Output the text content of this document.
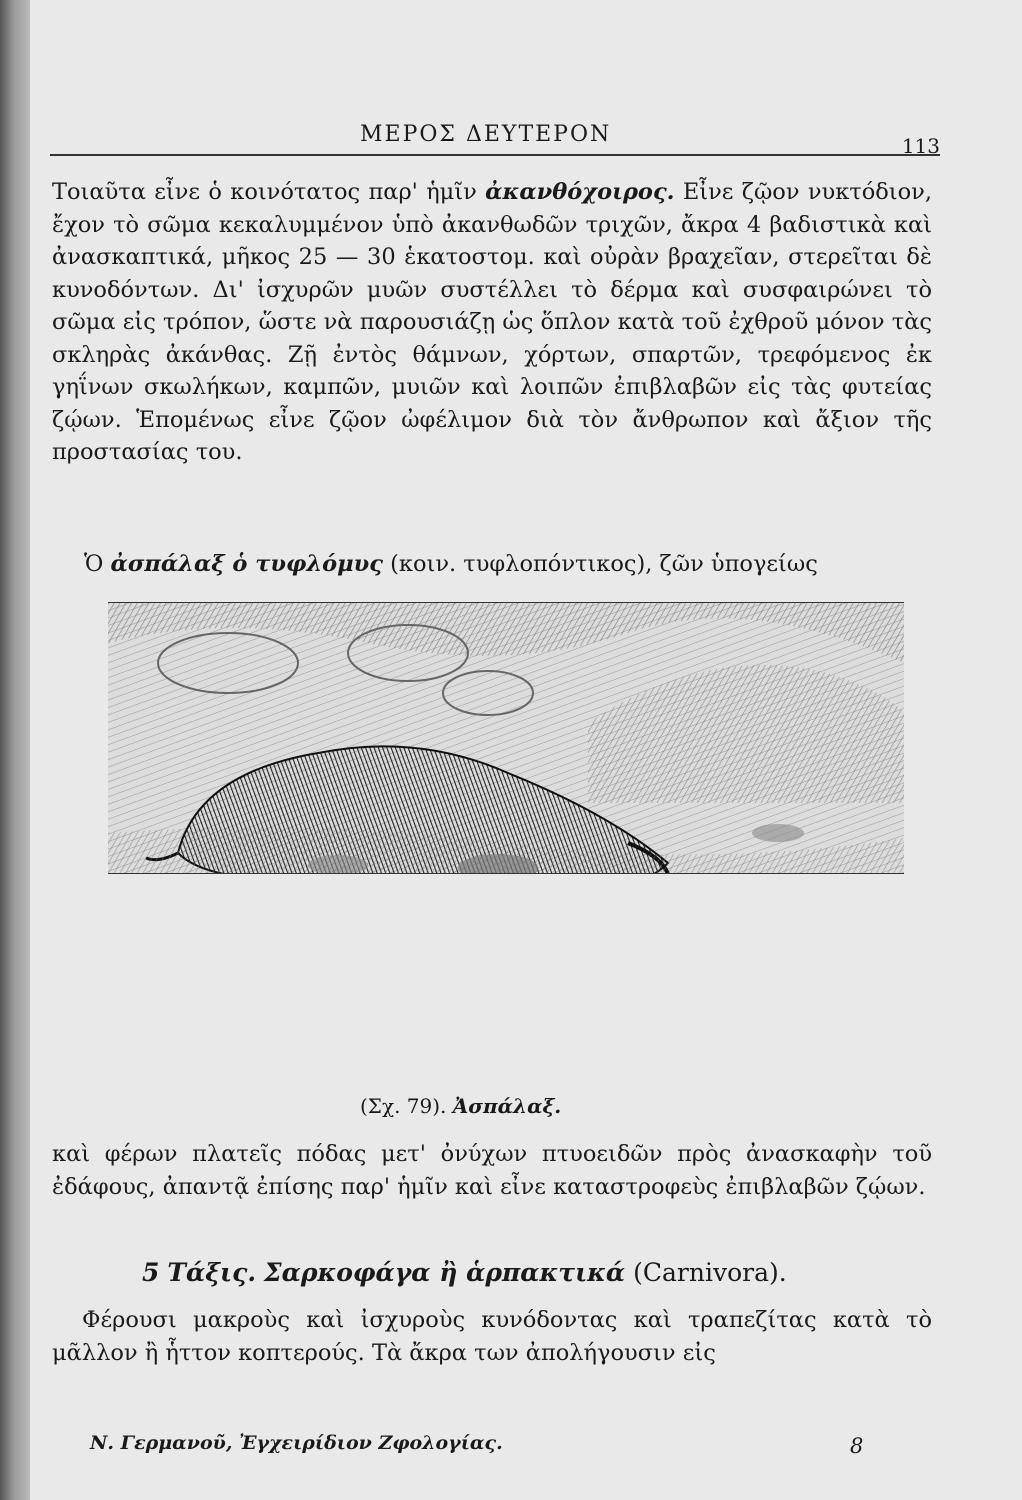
ΜΕΡΟΣ ΔΕΥΤΕΡΟΝ	113
Τοιαῦτα εἶνε ὁ κοινότατος παρ' ἡμῖν ἀκανθόχοιρος. Εἶνε ζῷον νυκτόδιον, ἔχον τὸ σῶμα κεκαλυμμένον ὑπὸ ἀκανθωδῶν τριχῶν, ἄκρα 4 βαδιστικὰ καὶ ἀνασκαπτικά, μῆκος 25 — 30 ἑκατοστομ. καὶ οὐρὰν βραχεῖαν, στερεῖται δὲ κυνοδόντων. Δι' ἰσχυρῶν μυῶν συστέλλει τὸ δέρμα καὶ συσφαιρώνει τὸ σῶμα εἰς τρόπον, ὥστε νὰ παρουσιάζῃ ὡς ὅπλον κατὰ τοῦ ἐχθροῦ μόνον τὰς σκληρὰς ἀκάνθας. Ζῇ ἐντὸς θάμνων, χόρτων, σπαρτῶν, τρεφόμενος ἐκ γηΐνων σκωλήκων, καμπῶν, μυιῶν καὶ λοιπῶν ἐπιβλαβῶν εἰς τὰς φυτείας ζῴων. Ἑπομένως εἶνε ζῷον ὠφέλιμον διὰ τὸν ἄνθρωπον καὶ ἄξιον τῆς προστασίας του.
Ὁ ἀσπάλαξ ὁ τυφλόμυς (κοιν. τυφλοπόντικος), ζῶν ὑπογείως
(Σχ. 79). Ἀσπάλαξ.
καὶ φέρων πλατεῖς πόδας μετ' ὀνύχων πτυοειδῶν πρὸς ἀνασκαφὴν τοῦ ἐδάφους, ἀπαντᾷ ἐπίσης παρ' ἡμῖν καὶ εἶνε καταστροφεὺς ἐπιβλαβῶν ζῴων.
5 Τάξις. Σαρκοφάγα ἢ ἁρπακτικά (Carnivora).
Φέρουσι μακροὺς καὶ ἰσχυροὺς κυνόδοντας καὶ τραπεζίτας κατὰ τὸ μᾶλλον ἢ ἧττον κοπτερούς. Τὰ ἄκρα των ἀπολήγουσιν εἰς
Ν. Γερμανοῦ, Ἐγχειρίδιον Ζφολογίας.	8
